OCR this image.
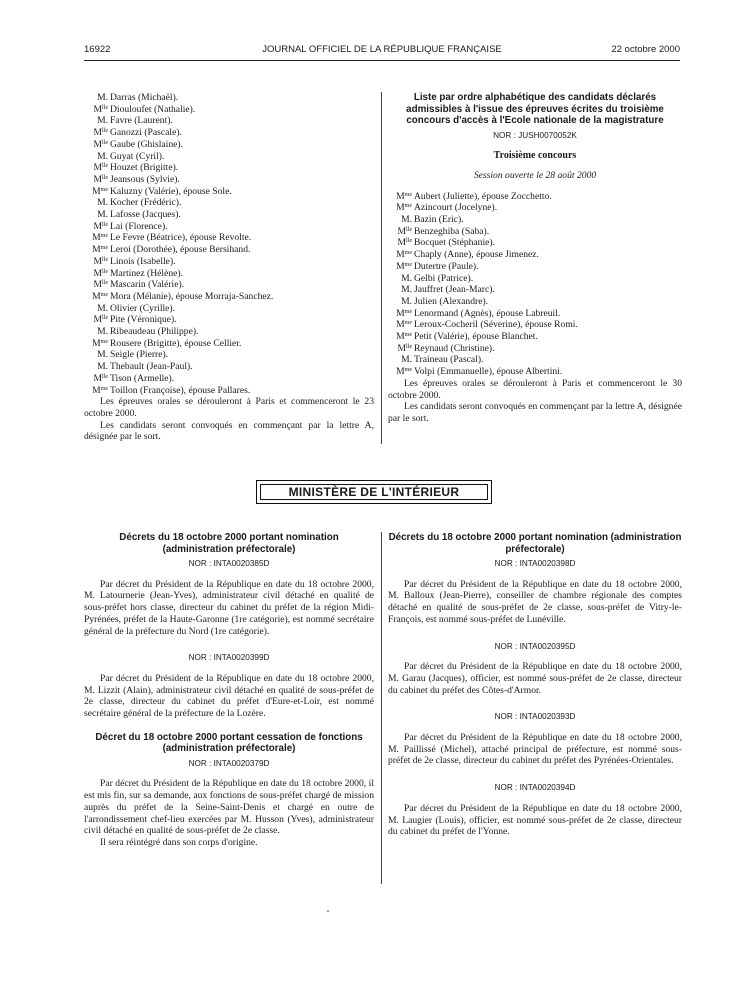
16922	JOURNAL OFFICIEL DE LA RÉPUBLIQUE FRANÇAISE	22 octobre 2000
M. Darras (Michaël).
$M^{lle}$ Diouloufet (Nathalie).
M. Favre (Laurent).
$M^{lle}$ Ganozzi (Pascale).
$M^{lle}$ Gaube (Ghislaine).
M. Guyat (Cyril).
$M^{lle}$ Houzet (Brigitte).
$M^{lle}$ Jeansous (Sylvie).
$M^{me}$ Kaluzny (Valérie), épouse Sole.
M. Kocher (Frédéric).
M. Lafosse (Jacques).
$M^{lle}$ Lai (Florence).
$M^{me}$ Le Fevre (Béatrice), épouse Revolte.
$M^{me}$ Leroi (Dorothée), épouse Bersihand.
$M^{lle}$ Linois (Isabelle).
$M^{lle}$ Martinez (Hélène).
$M^{lle}$ Mascarin (Valérie).
$M^{me}$ Mora (Mélanie), épouse Morraja-Sanchez.
M. Olivier (Cyrille).
$M^{lle}$ Pite (Véronique).
M. Ribeaudeau (Philippe).
$M^{me}$ Rousere (Brigitte), épouse Cellier.
M. Seigle (Pierre).
M. Thebault (Jean-Paul).
$M^{lle}$ Tison (Armelle).
$M^{me}$ Toillon (Françoise), épouse Pallares.

Les épreuves orales se dérouleront à Paris et commenceront le 23 octobre 2000.

Les candidats seront convoqués en commençant par la lettre A, désignée par le sort.

Liste par ordre alphabétique des candidats déclarés admissibles à l'issue des épreuves écrites du troisième concours d'accès à l'Ecole nationale de la magistrature
NOR : JUSH0070052K
Troisième concours
Session ouverte le 28 août 2000
$M^{me}$ Aubert (Juliette), épouse Zocchetto.
$M^{me}$ Azincourt (Jocelyne).
M. Bazin (Eric).
$M^{lle}$ Benzeghiba (Saba).
$M^{lle}$ Bocquet (Stéphanie).
$M^{me}$ Chaply (Anne), épouse Jimenez.
$M^{me}$ Dutertre (Paule).
M. Gelbi (Patrice).
M. Jauffret (Jean-Marc).
M. Julien (Alexandre).
$M^{me}$ Lenormand (Agnès), épouse Labreuil.
$M^{me}$ Leroux-Cocheril (Séverine), épouse Romi.
$M^{me}$ Petit (Valérie), épouse Blanchet.
$M^{lle}$ Reynaud (Christine).
M. Traineau (Pascal).
$M^{me}$ Volpi (Emmanuelle), épouse Albertini.

Les épreuves orales se dérouleront à Paris et commenceront le 30 octobre 2000.

Les candidats seront convoqués en commençant par la lettre A, désignée par le sort.

MINISTÈRE DE L'INTÉRIEUR
Décrets du 18 octobre 2000 portant nomination (administration préfectorale)
NOR : INTA0020385D

Par décret du Président de la République en date du 18 octobre 2000, M. Latournerie (Jean-Yves), administrateur civil détaché en qualité de sous-préfet hors classe, directeur du cabinet du préfet de la région Midi-Pyrénées, préfet de la Haute-Garonne (1re catégorie), est nommé secrétaire général de la préfecture du Nord (1re catégorie).

NOR : INTA0020399D

Par décret du Président de la République en date du 18 octobre 2000, M. Lizzit (Alain), administrateur civil détaché en qualité de sous-préfet de 2e classe, directeur du cabinet du préfet d'Eure-et-Loir, est nommé secrétaire général de la préfecture de la Lozère.

Décret du 18 octobre 2000 portant cessation de fonctions (administration préfectorale)
NOR : INTA0020379D

Par décret du Président de la République en date du 18 octobre 2000, il est mis fin, sur sa demande, aux fonctions de sous-préfet chargé de mission auprès du préfet de la Seine-Saint-Denis et chargé en outre de l'arrondissement chef-lieu exercées par M. Husson (Yves), administrateur civil détaché en qualité de sous-préfet de 2e classe.

Il sera réintégré dans son corps d'origine.

Décrets du 18 octobre 2000 portant nomination (administration préfectorale)
NOR : INTA0020398D

Par décret du Président de la République en date du 18 octobre 2000, M. Balloux (Jean-Pierre), conseiller de chambre régionale des comptes détaché en qualité de sous-préfet de 2e classe, sous-préfet de Vitry-le-François, est nommé sous-préfet de Lunéville.

NOR : INTA0020395D

Par décret du Président de la République en date du 18 octobre 2000, M. Garau (Jacques), officier, est nommé sous-préfet de 2e classe, directeur du cabinet du préfet des Côtes-d'Armor.

NOR : INTA0020393D

Par décret du Président de la République en date du 18 octobre 2000, M. Paillissé (Michel), attaché principal de préfecture, est nommé sous-préfet de 2e classe, directeur du cabinet du préfet des Pyrénées-Orientales.

NOR : INTA0020394D

Par décret du Président de la République en date du 18 octobre 2000, M. Laugier (Louis), officier, est nommé sous-préfet de 2e classe, directeur du cabinet du préfet de l'Yonne.
